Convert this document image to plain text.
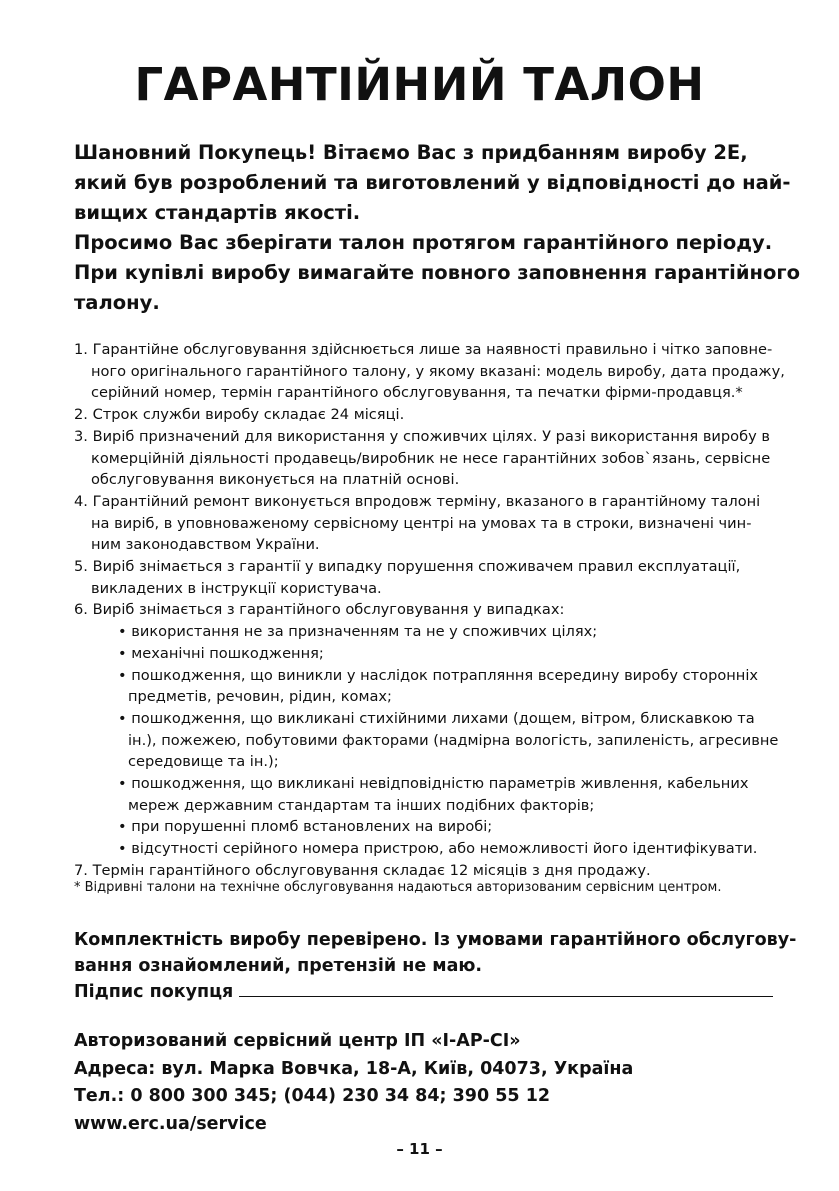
ГАРАНТІЙНИЙ ТАЛОН
Шановний Покупець! Вітаємо Вас з придбанням виробу 2E,
який був розроблений та виготовлений у відповідності до най-
вищих стандартів якості.
Просимо Вас зберігати талон протягом гарантійного періоду.
При купівлі виробу вимагайте повного заповнення гарантійного
талону.
1. Гарантійне обслуговування здійснюється лише за наявності правильно і чітко заповне-
ного оригінального гарантійного талону, у якому вказані: модель виробу, дата продажу,
серійний номер, термін гарантійного обслуговування, та печатки фірми-продавця.*
2. Строк служби виробу складає 24 місяці.
3. Виріб призначений для використання у споживчих цілях. У разі використання виробу в
комерційній діяльності продавець/виробник не несе гарантійних зобов`язань, сервісне
обслуговування виконується на платній основі.
4. Гарантійний ремонт виконується впродовж терміну, вказаного в гарантійному талоні
на виріб, в уповноваженому сервісному центрі на умовах та в строки, визначені чин-
ним законодавством України.
5. Виріб знімається з гарантії у випадку порушення споживачем правил експлуатації,
викладених в інструкції користувача.
6. Виріб знімається з гарантійного обслуговування у випадках:
• використання не за призначенням та не у споживчих цілях;
• механічні пошкодження;
• пошкодження, що виникли у наслідок потрапляння всередину виробу сторонніх
предметів, речовин, рідин, комах;
• пошкодження, що викликані стихійними лихами (дощем, вітром, блискавкою та
ін.), пожежею, побутовими факторами (надмірна вологість, запиленість, агресивне
середовище та ін.);
• пошкодження, що викликані невідповідністю параметрів живлення, кабельних
мереж державним стандартам та інших подібних факторів;
• при порушенні пломб встановлених на виробі;
• відсутності серійного номера пристрою, або неможливості його ідентифікувати.
7. Термін гарантійного обслуговування складає 12 місяців з дня продажу.
* Відривні талони на технічне обслуговування надаються авторизованим сервісним центром.
Комплектність виробу перевірено. Із умовами гарантійного обслугову-
вання ознайомлений, претензій не маю.
Підпис покупця
Авторизований сервісний центр ІП «І-АР-СІ»
Адреса: вул. Марка Вовчка, 18-А, Київ, 04073, Україна
Тел.: 0 800 300 345; (044) 230 34 84; 390 55 12
www.erc.ua/service
– 11 –
